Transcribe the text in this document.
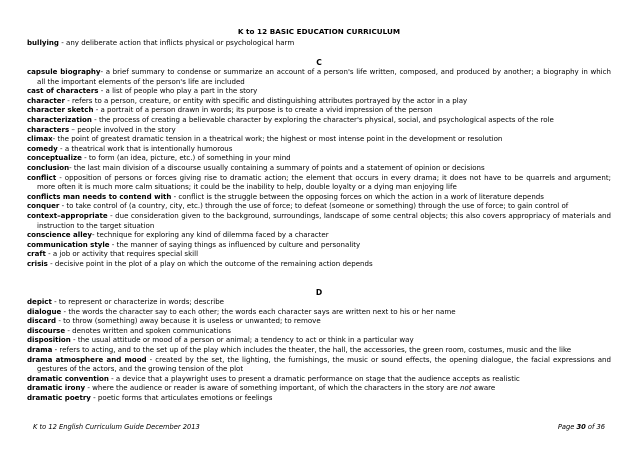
K to 12 BASIC EDUCATION CURRICULUM

bullying - any deliberate action that inflicts physical or psychological harm

C

capsule biography- a brief summary to condense or summarize an account of a person's life written, composed, and produced by another; a biography in which all the important elements of the person's life are included

cast of characters - a list of people who play a part in the story

character - refers to a person, creature, or entity with specific and distinguishing attributes portrayed by the actor in a play

character sketch - a portrait of a person drawn in words; its purpose is to create a vivid impression of the person

characterization - the process of creating a believable character by exploring the character's physical, social, and psychological aspects of the role

characters – people involved in the story

climax- the point of greatest dramatic tension in a theatrical work; the highest or most intense point in the development or resolution

comedy - a theatrical work that is intentionally humorous

conceptualize - to form (an idea, picture, etc.) of something in your mind

conclusion- the last main division of a discourse usually containing a summary of points and a statement of opinion or decisions

conflict - opposition of persons or forces giving rise to dramatic action; the element that occurs in every drama; it does not have to be quarrels and argument; more often it is much more calm situations; it could be the inability to help, double loyalty or a dying man enjoying life

conflicts man needs to contend with - conflict is the struggle between the opposing forces on which the action in a work of literature depends

conquer - to take control of (a country, city, etc.) through the use of force; to defeat (someone or something) through the use of force; to gain control of

context–appropriate - due consideration given to the background, surroundings, landscape of some central objects; this also covers appropriacy of materials and instruction to the target situation

conscience alley- technique for exploring any kind of dilemma faced by a character

communication style - the manner of saying things as influenced by culture and personality

craft - a job or activity that requires special skill

crisis - decisive point in the plot of a play on which the outcome of the remaining action depends

D

depict - to represent or characterize in words; describe

dialogue - the words the character say to each other; the words each character says are written next to his or her name

discard - to throw (something) away because it is useless or unwanted; to remove

discourse - denotes written and spoken communications

disposition - the usual attitude or mood of a person or animal; a tendency to act or think in a particular way

drama - refers to acting, and to the set up of the play which includes the theater, the hall, the accessories, the green room, costumes, music and the like

drama atmosphere and mood - created by the set, the lighting, the furnishings, the music or sound effects, the opening dialogue, the facial expressions and gestures of the actors, and the growing tension of the plot

dramatic convention - a device that a playwright uses to present a dramatic performance on stage that the audience accepts as realistic

dramatic irony - where the audience or reader is aware of something important, of which the characters in the story are not aware

dramatic poetry - poetic forms that articulates emotions or feelings

K to 12 English Curriculum Guide December 2013	Page 30 of 36
